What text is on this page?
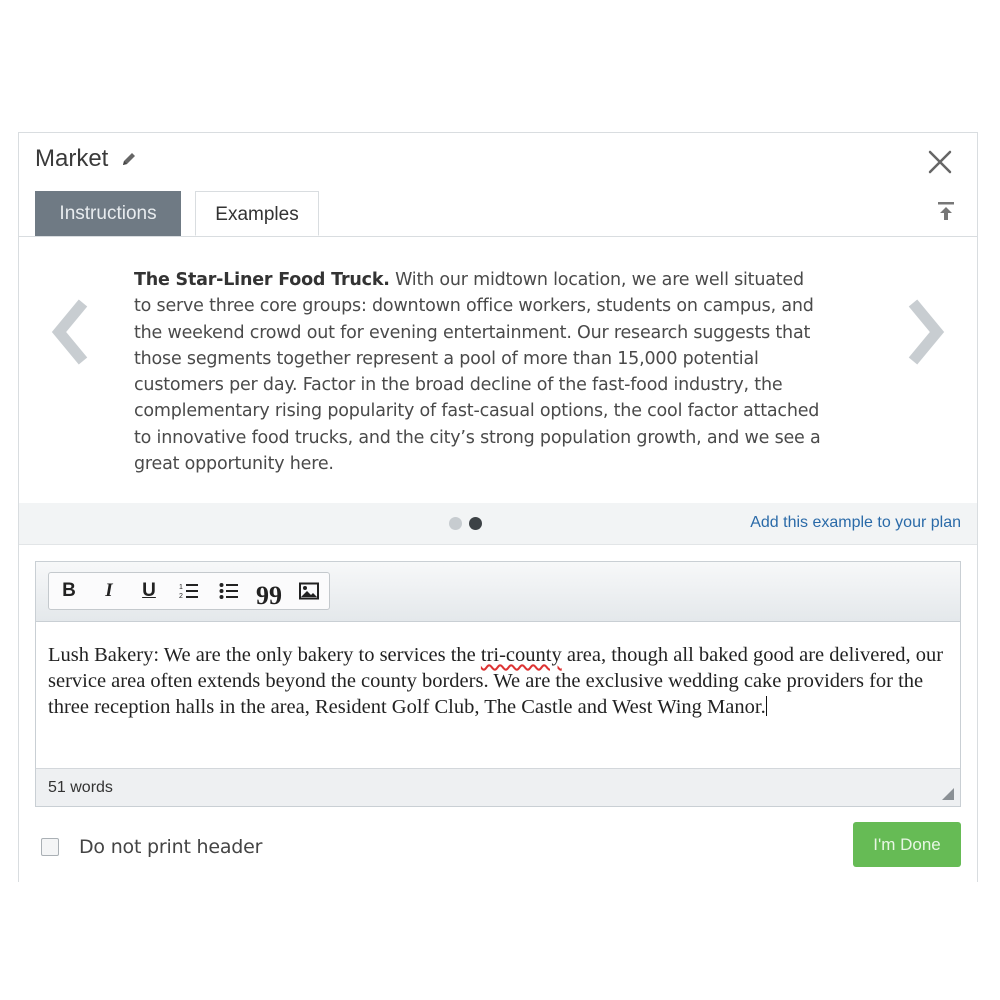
Market
Instructions	Examples
The Star-Liner Food Truck. With our midtown location, we are well situated to serve three core groups: downtown office workers, students on campus, and the weekend crowd out for evening entertainment. Our research suggests that those segments together represent a pool of more than 15,000 potential customers per day. Factor in the broad decline of the fast-food industry, the complementary rising popularity of fast-casual options, the cool factor attached to innovative food trucks, and the city’s strong population growth, and we see a great opportunity here.
Add this example to your plan
B	I	U	1
2	99
Lush Bakery: We are the only bakery to services the tri-county area, though all baked good are delivered, our service area often extends beyond the county borders. We are the exclusive wedding cake providers for the three reception halls in the area, Resident Golf Club, The Castle and West Wing Manor.
51 words
Do not print header	I'm Done
